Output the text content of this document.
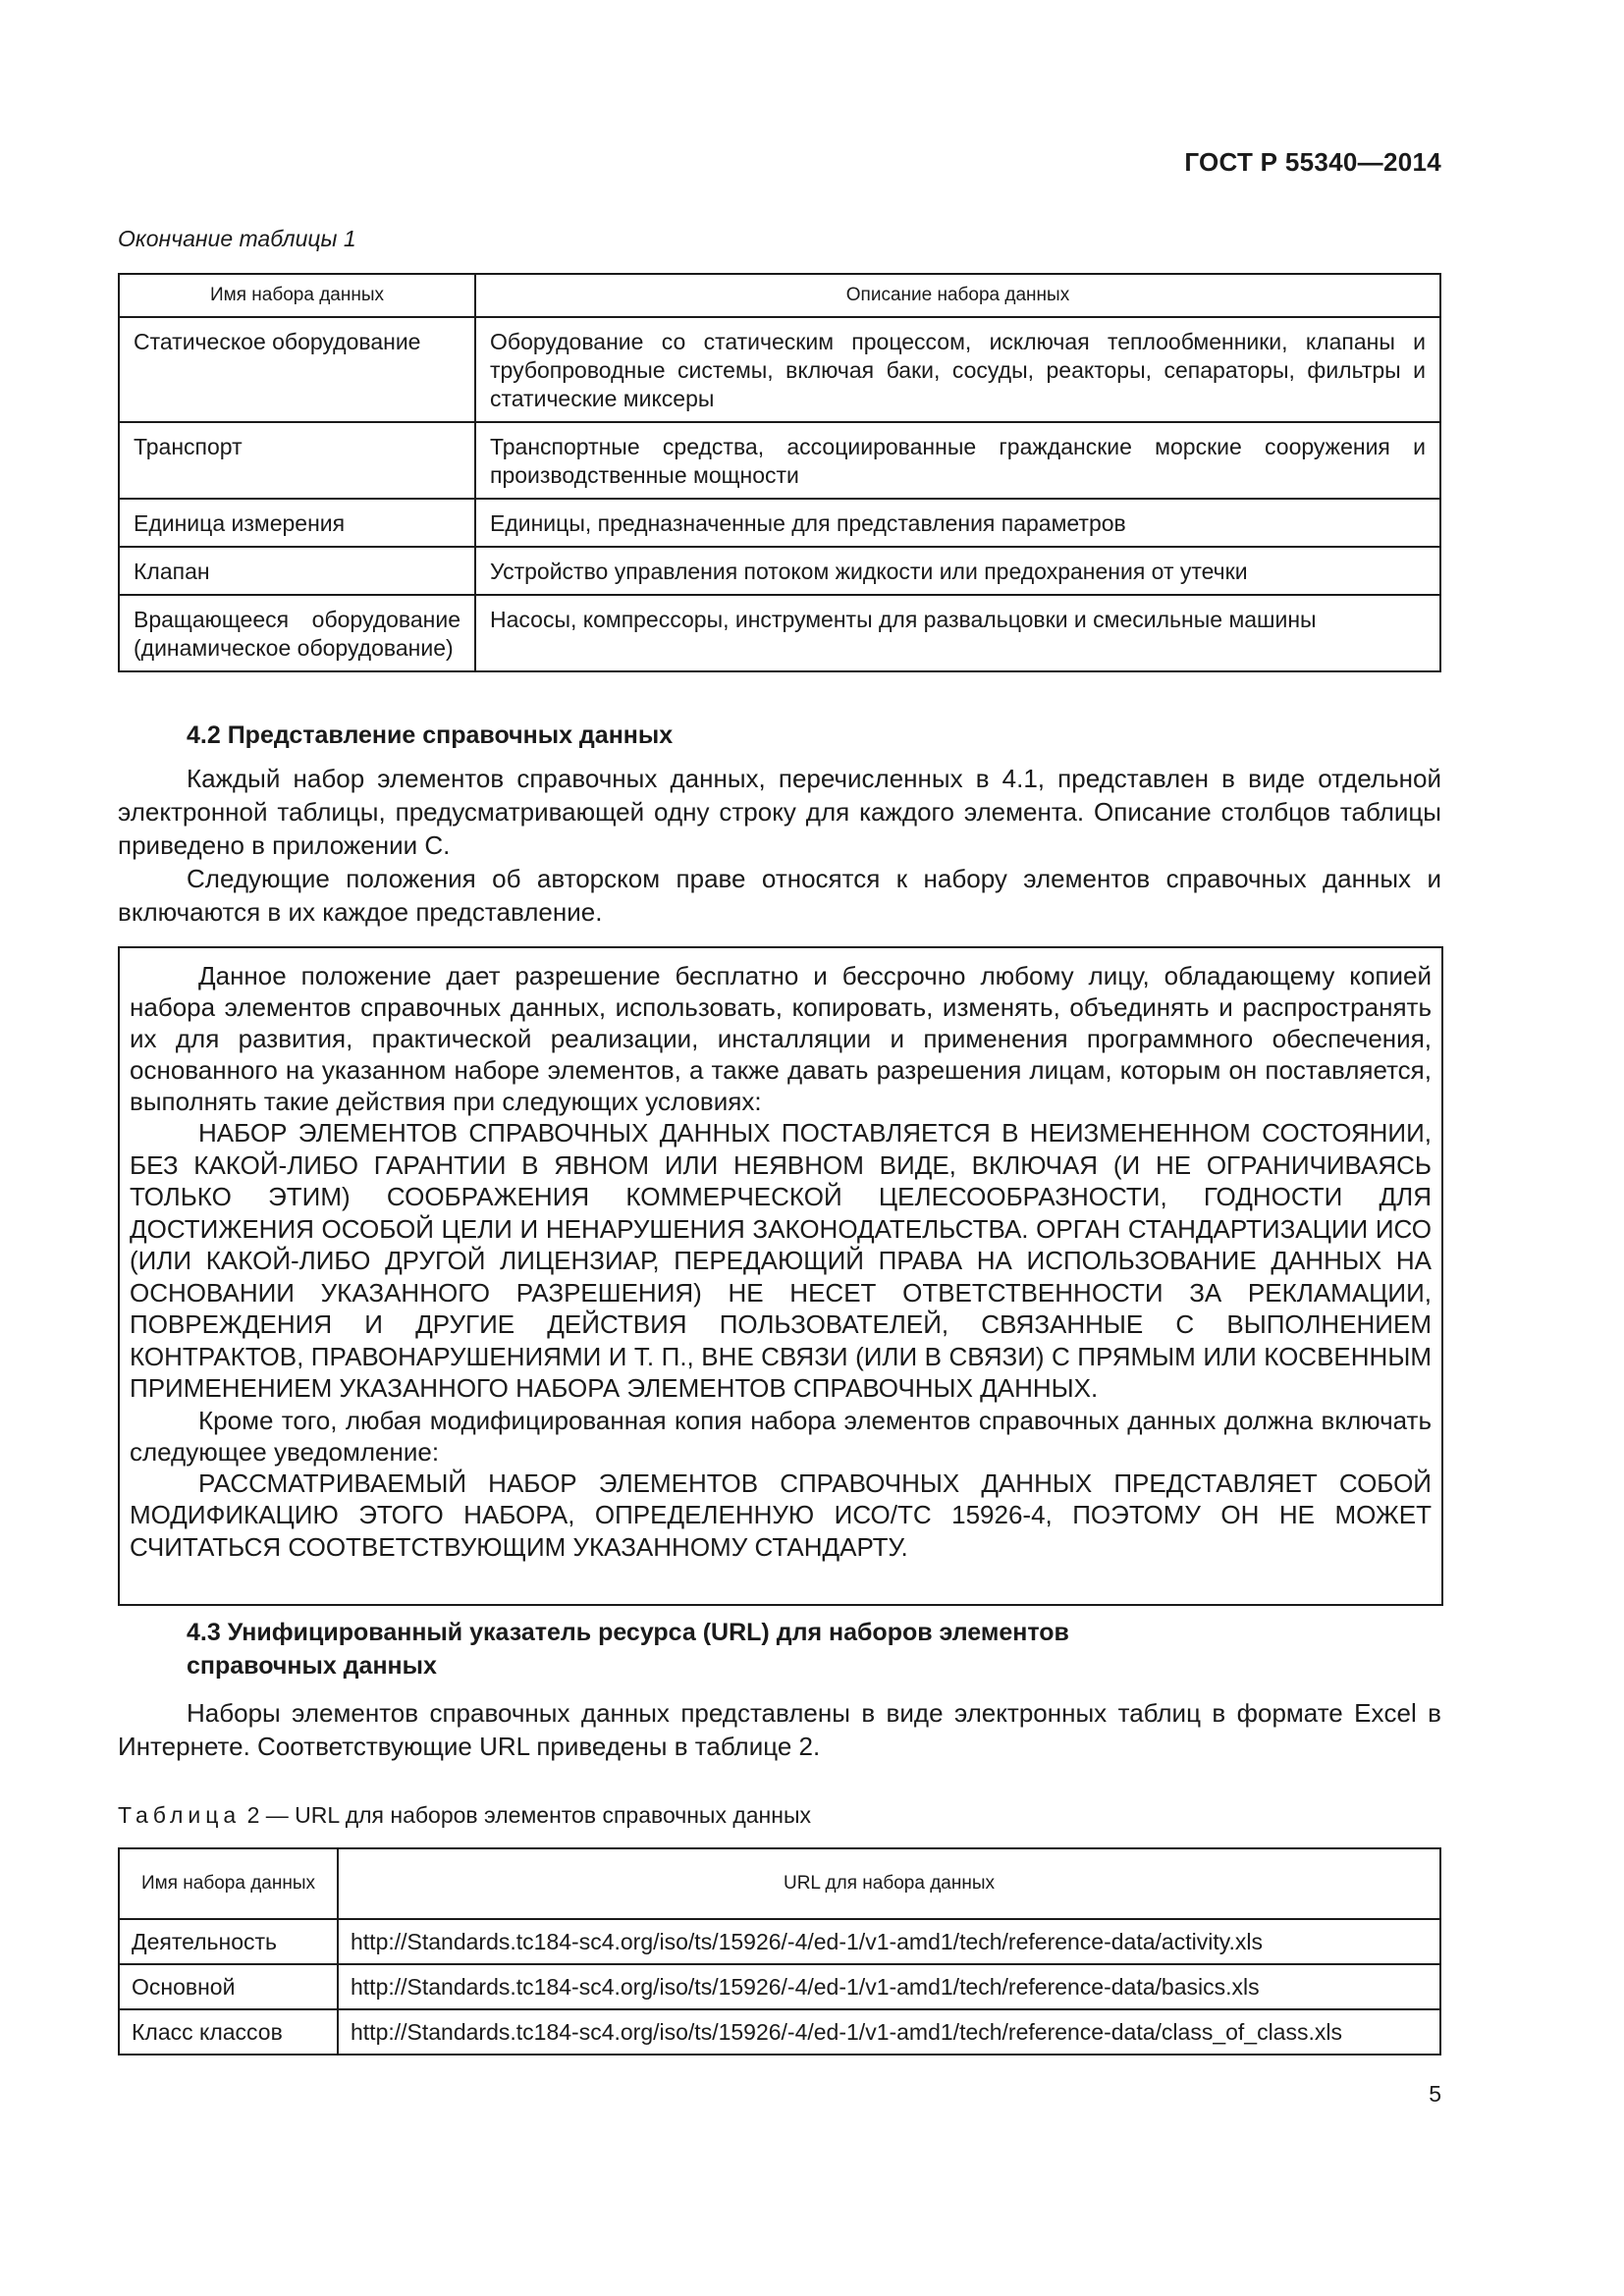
ГОСТ Р 55340—2014
Окончание таблицы 1
Имя набора данных	Описание набора данных
Статическое оборудование	Оборудование со статическим процессом, исключая теплообменники, клапаны и трубопроводные системы, включая баки, сосуды, реакторы, сепараторы, фильтры и статические миксеры
Транспорт	Транспортные средства, ассоциированные гражданские морские сооружения и производственные мощности
Единица измерения	Единицы, предназначенные для представления параметров
Клапан	Устройство управления потоком жидкости или предохранения от утечки
Вращающееся оборудование (динамическое оборудование)	Насосы, компрессоры, инструменты для развальцовки и смесильные машины
4.2 Представление справочных данных

Каждый набор элементов справочных данных, перечисленных в 4.1, представлен в виде отдельной электронной таблицы, предусматривающей одну строку для каждого элемента. Описание столбцов таблицы приведено в приложении С.

Следующие положения об авторском праве относятся к набору элементов справочных данных и включаются в их каждое представление.

Данное положение дает разрешение бесплатно и бессрочно любому лицу, обладающему копией набора элементов справочных данных, использовать, копировать, изменять, объединять и распространять их для развития, практической реализации, инсталляции и применения программного обеспечения, основанного на указанном наборе элементов, а также давать разрешения лицам, которым он поставляется, выполнять такие действия при следующих условиях:

НАБОР ЭЛЕМЕНТОВ СПРАВОЧНЫХ ДАННЫХ ПОСТАВЛЯЕТСЯ В НЕИЗМЕНЕННОМ СОСТОЯНИИ, БЕЗ КАКОЙ-ЛИБО ГАРАНТИИ В ЯВНОМ ИЛИ НЕЯВНОМ ВИДЕ, ВКЛЮЧАЯ (И НЕ ОГРАНИЧИВАЯСЬ ТОЛЬКО ЭТИМ) СООБРАЖЕНИЯ КОММЕРЧЕСКОЙ ЦЕЛЕСООБРАЗНОСТИ, ГОДНОСТИ ДЛЯ ДОСТИЖЕНИЯ ОСОБОЙ ЦЕЛИ И НЕНАРУШЕНИЯ ЗАКОНОДАТЕЛЬСТВА. ОРГАН СТАНДАРТИЗАЦИИ ИСО (ИЛИ КАКОЙ-ЛИБО ДРУГОЙ ЛИЦЕНЗИАР, ПЕРЕДАЮЩИЙ ПРАВА НА ИСПОЛЬЗОВАНИЕ ДАННЫХ НА ОСНОВАНИИ УКАЗАННОГО РАЗРЕШЕНИЯ) НЕ НЕСЕТ ОТВЕТСТВЕННОСТИ ЗА РЕКЛАМАЦИИ, ПОВРЕЖДЕНИЯ И ДРУГИЕ ДЕЙСТВИЯ ПОЛЬЗОВАТЕЛЕЙ, СВЯЗАННЫЕ С ВЫПОЛНЕНИЕМ КОНТРАКТОВ, ПРАВОНАРУШЕНИЯМИ И Т. П., ВНЕ СВЯЗИ (ИЛИ В СВЯЗИ) С ПРЯМЫМ ИЛИ КОСВЕННЫМ ПРИМЕНЕНИЕМ УКАЗАННОГО НАБОРА ЭЛЕМЕНТОВ СПРАВОЧНЫХ ДАННЫХ.

Кроме того, любая модифицированная копия набора элементов справочных данных должна включать следующее уведомление:

РАССМАТРИВАЕМЫЙ НАБОР ЭЛЕМЕНТОВ СПРАВОЧНЫХ ДАННЫХ ПРЕДСТАВЛЯЕТ СОБОЙ МОДИФИКАЦИЮ ЭТОГО НАБОРА, ОПРЕДЕЛЕННУЮ ИСО/ТС 15926-4, ПОЭТОМУ ОН НЕ МОЖЕТ СЧИТАТЬСЯ СООТВЕТСТВУЮЩИМ УКАЗАННОМУ СТАНДАРТУ.

4.3 Унифицированный указатель ресурса (URL) для наборов элементов
справочных данных

Наборы элементов справочных данных представлены в виде электронных таблиц в формате Excel в Интернете. Соответствующие URL приведены в таблице 2.

Таблица 2 — URL для наборов элементов справочных данных
Имя набора данных	URL для набора данных
Деятельность	http://Standards.tc184-sc4.org/iso/ts/15926/-4/ed-1/v1-amd1/tech/reference-data/activity.xls
Основной	http://Standards.tc184-sc4.org/iso/ts/15926/-4/ed-1/v1-amd1/tech/reference-data/basics.xls
Класс классов	http://Standards.tc184-sc4.org/iso/ts/15926/-4/ed-1/v1-amd1/tech/reference-data/class_of_class.xls
5
